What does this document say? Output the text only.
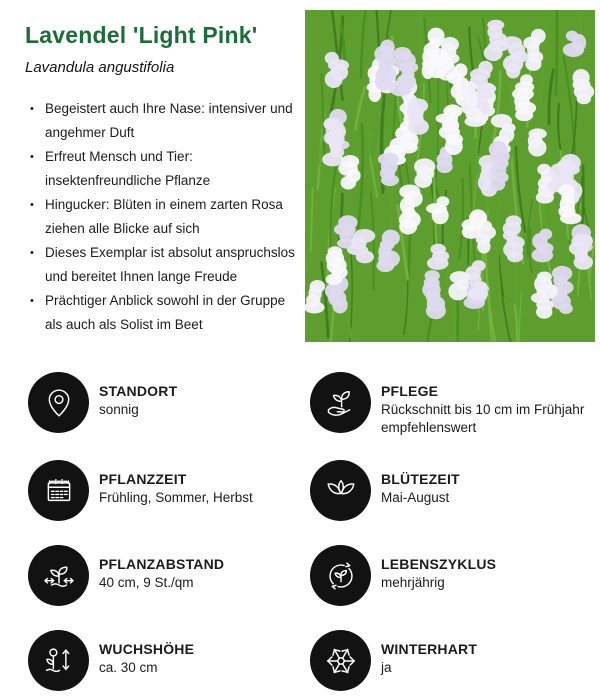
Lavendel 'Light Pink'
Lavandula angustifolia
• Begeistert auch Ihre Nase: intensiver und
angehmer Duft
• Erfreut Mensch und Tier:
insektenfreundliche Pflanze
• Hingucker: Blüten in einem zarten Rosa
ziehen alle Blicke auf sich
• Dieses Exemplar ist absolut anspruchslos
und bereitet Ihnen lange Freude
• Prächtiger Anblick sowohl in der Gruppe
als auch als Solist im Beet
STANDORT
sonnig
PFLEGE
Rückschnitt bis 10 cm im Frühjahr empfehlenswert
PFLANZZEIT
Frühling, Sommer, Herbst
BLÜTEZEIT
Mai-August
PFLANZABSTAND
40 cm, 9 St./qm
LEBENSZYKLUS
mehrjährig
WUCHSHÖHE
ca. 30 cm
WINTERHART
ja
